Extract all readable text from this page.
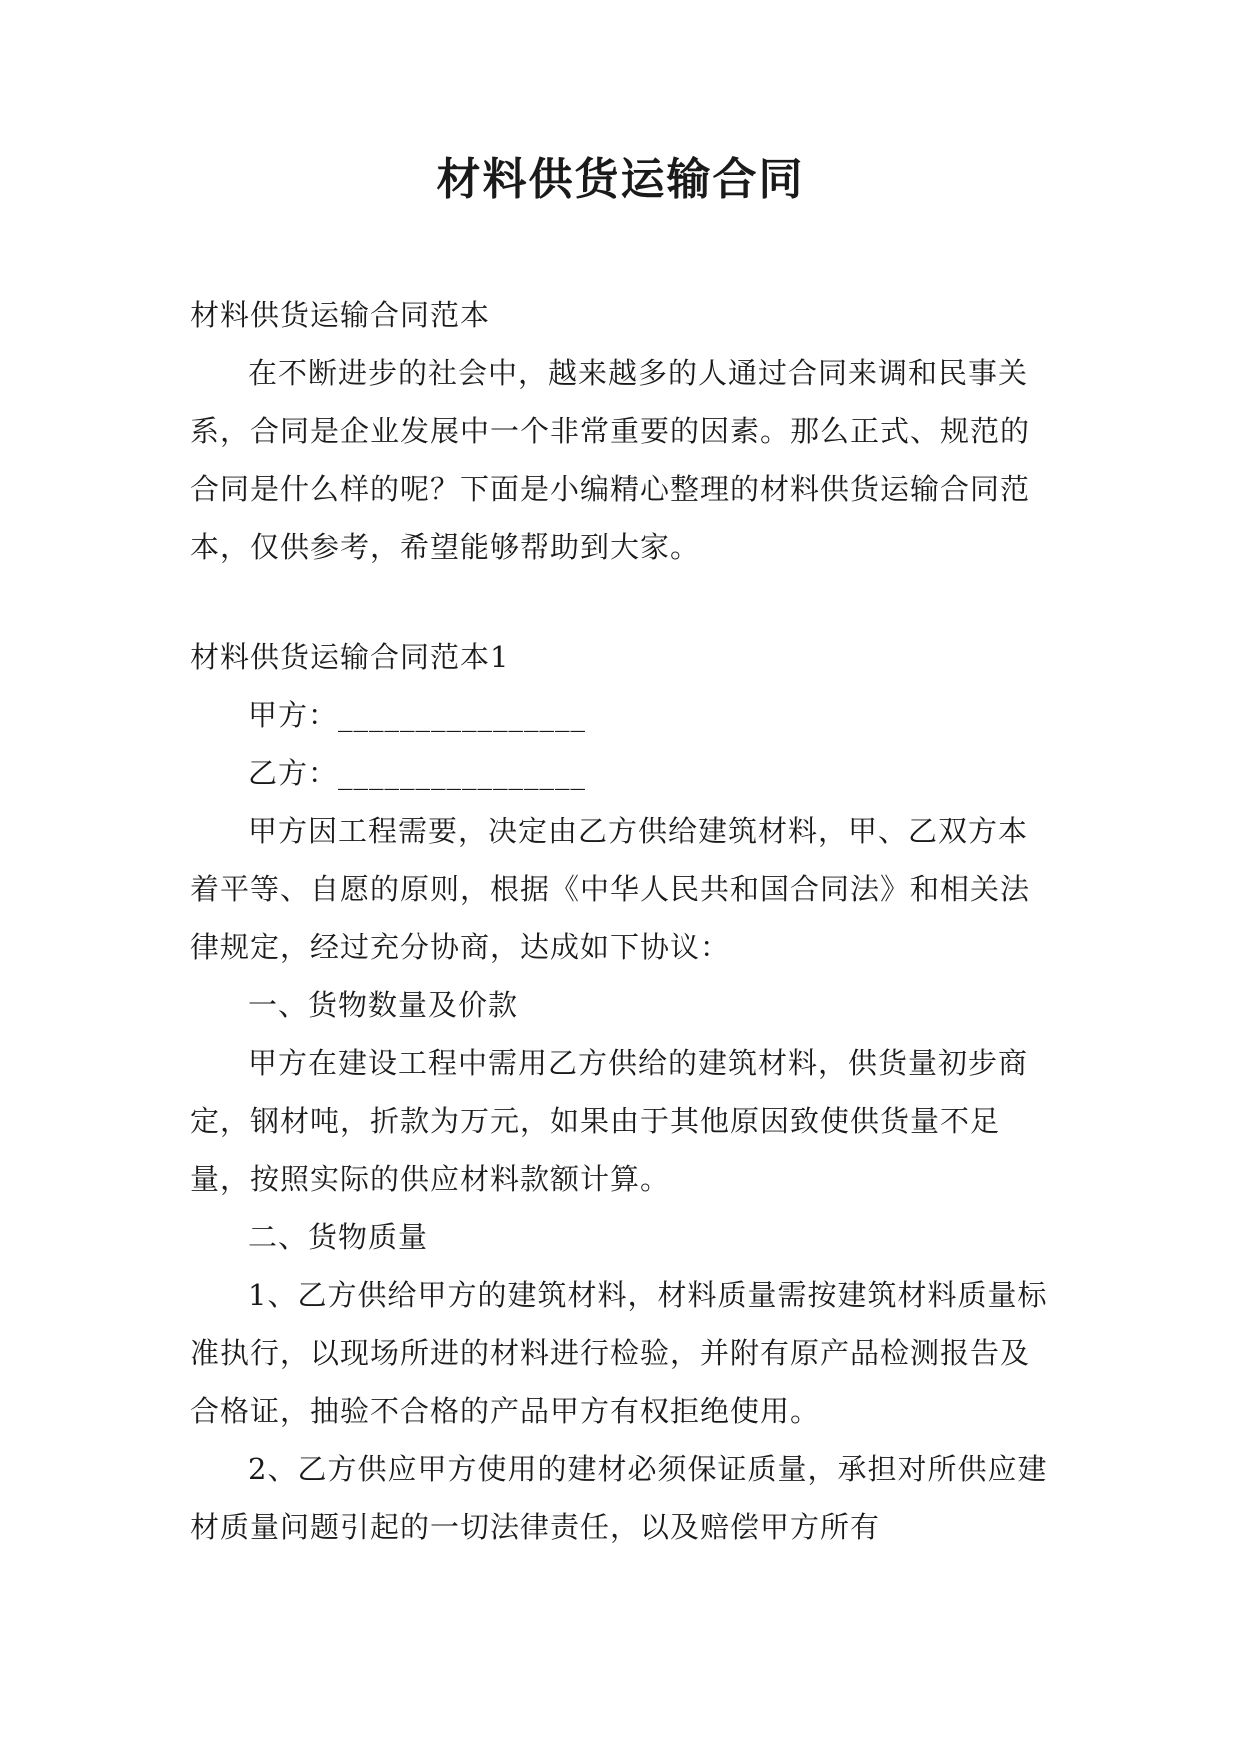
材料供货运输合同

材料供货运输合同范本

在不断进步的社会中，越来越多的人通过合同来调和民事关系，合同是企业发展中一个非常重要的因素。那么正式、规范的合同是什么样的呢？下面是小编精心整理的材料供货运输合同范本，仅供参考，希望能够帮助到大家。

材料供货运输合同范本1

甲方：________________

乙方：________________

甲方因工程需要，决定由乙方供给建筑材料，甲、乙双方本着平等、自愿的原则，根据《中华人民共和国合同法》和相关法律规定，经过充分协商，达成如下协议：

一、货物数量及价款

甲方在建设工程中需用乙方供给的建筑材料，供货量初步商定，钢材吨，折款为万元，如果由于其他原因致使供货量不足量，按照实际的供应材料款额计算。

二、货物质量

1、乙方供给甲方的建筑材料，材料质量需按建筑材料质量标准执行，以现场所进的材料进行检验，并附有原产品检测报告及合格证，抽验不合格的产品甲方有权拒绝使用。

2、乙方供应甲方使用的建材必须保证质量，承担对所供应建材质量问题引起的一切法律责任，以及赔偿甲方所有
